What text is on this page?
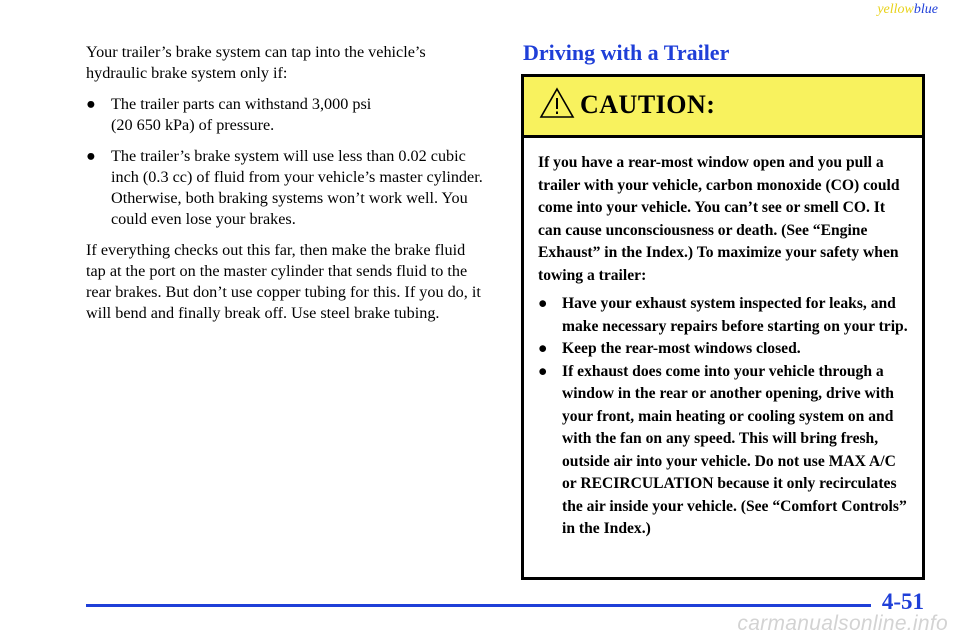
yellowblue

Your trailer’s brake system can tap into the vehicle’s hydraulic brake system only if:

● The trailer parts can withstand 3,000 psi
(20 650 kPa) of pressure.
● The trailer’s brake system will use less than 0.02 cubic inch (0.3 cc) of fluid from your vehicle’s master cylinder. Otherwise, both braking systems won’t work well. You could even lose your brakes.

If everything checks out this far, then make the brake fluid tap at the port on the master cylinder that sends fluid to the rear brakes. But don’t use copper tubing for this. If you do, it will bend and finally break off. Use steel brake tubing.

Driving with a Trailer
CAUTION:

If you have a rear-most window open and you pull a trailer with your vehicle, carbon monoxide (CO) could come into your vehicle. You can’t see or smell CO. It can cause unconsciousness or death. (See “Engine Exhaust” in the Index.) To maximize your safety when towing a trailer:

● Have your exhaust system inspected for leaks, and make necessary repairs before starting on your trip.
● Keep the rear-most windows closed.
● If exhaust does come into your vehicle through a window in the rear or another opening, drive with your front, main heating or cooling system on and with the fan on any speed. This will bring fresh, outside air into your vehicle. Do not use MAX A/C or RECIRCULATION because it only recirculates the air inside your vehicle. (See “Comfort Controls” in the Index.)
4-51
carmanualsonline.info
